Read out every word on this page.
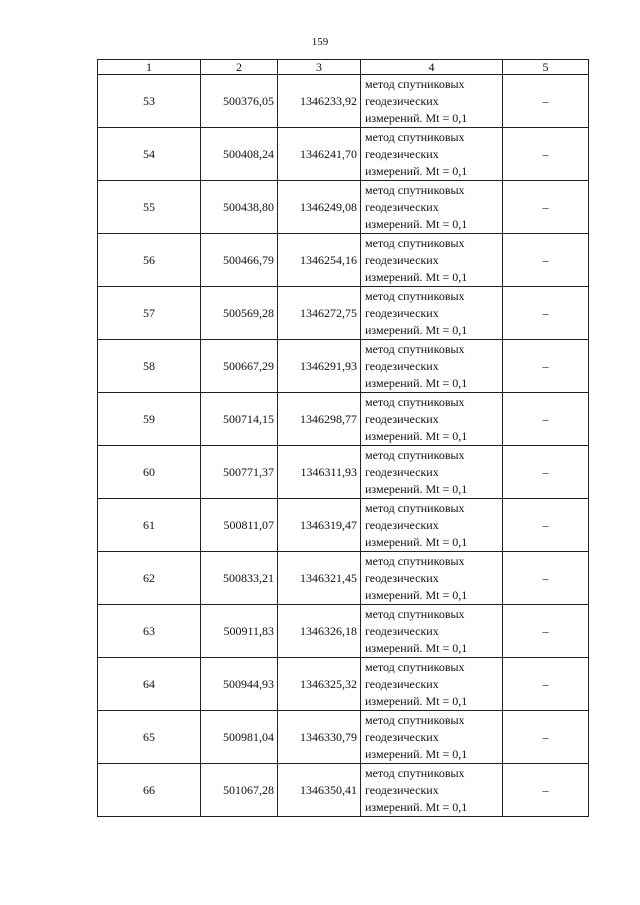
159
1	2	3	4	5
53	500376,05	1346233,92	метод спутниковых
геодезических
измерений. Mt = 0,1	–
54	500408,24	1346241,70	метод спутниковых
геодезических
измерений. Mt = 0,1	–
55	500438,80	1346249,08	метод спутниковых
геодезических
измерений. Mt = 0,1	–
56	500466,79	1346254,16	метод спутниковых
геодезических
измерений. Mt = 0,1	–
57	500569,28	1346272,75	метод спутниковых
геодезических
измерений. Mt = 0,1	–
58	500667,29	1346291,93	метод спутниковых
геодезических
измерений. Mt = 0,1	–
59	500714,15	1346298,77	метод спутниковых
геодезических
измерений. Mt = 0,1	–
60	500771,37	1346311,93	метод спутниковых
геодезических
измерений. Mt = 0,1	–
61	500811,07	1346319,47	метод спутниковых
геодезических
измерений. Mt = 0,1	–
62	500833,21	1346321,45	метод спутниковых
геодезических
измерений. Mt = 0,1	–
63	500911,83	1346326,18	метод спутниковых
геодезических
измерений. Mt = 0,1	–
64	500944,93	1346325,32	метод спутниковых
геодезических
измерений. Mt = 0,1	–
65	500981,04	1346330,79	метод спутниковых
геодезических
измерений. Mt = 0,1	–
66	501067,28	1346350,41	метод спутниковых
геодезических
измерений. Mt = 0,1	–
